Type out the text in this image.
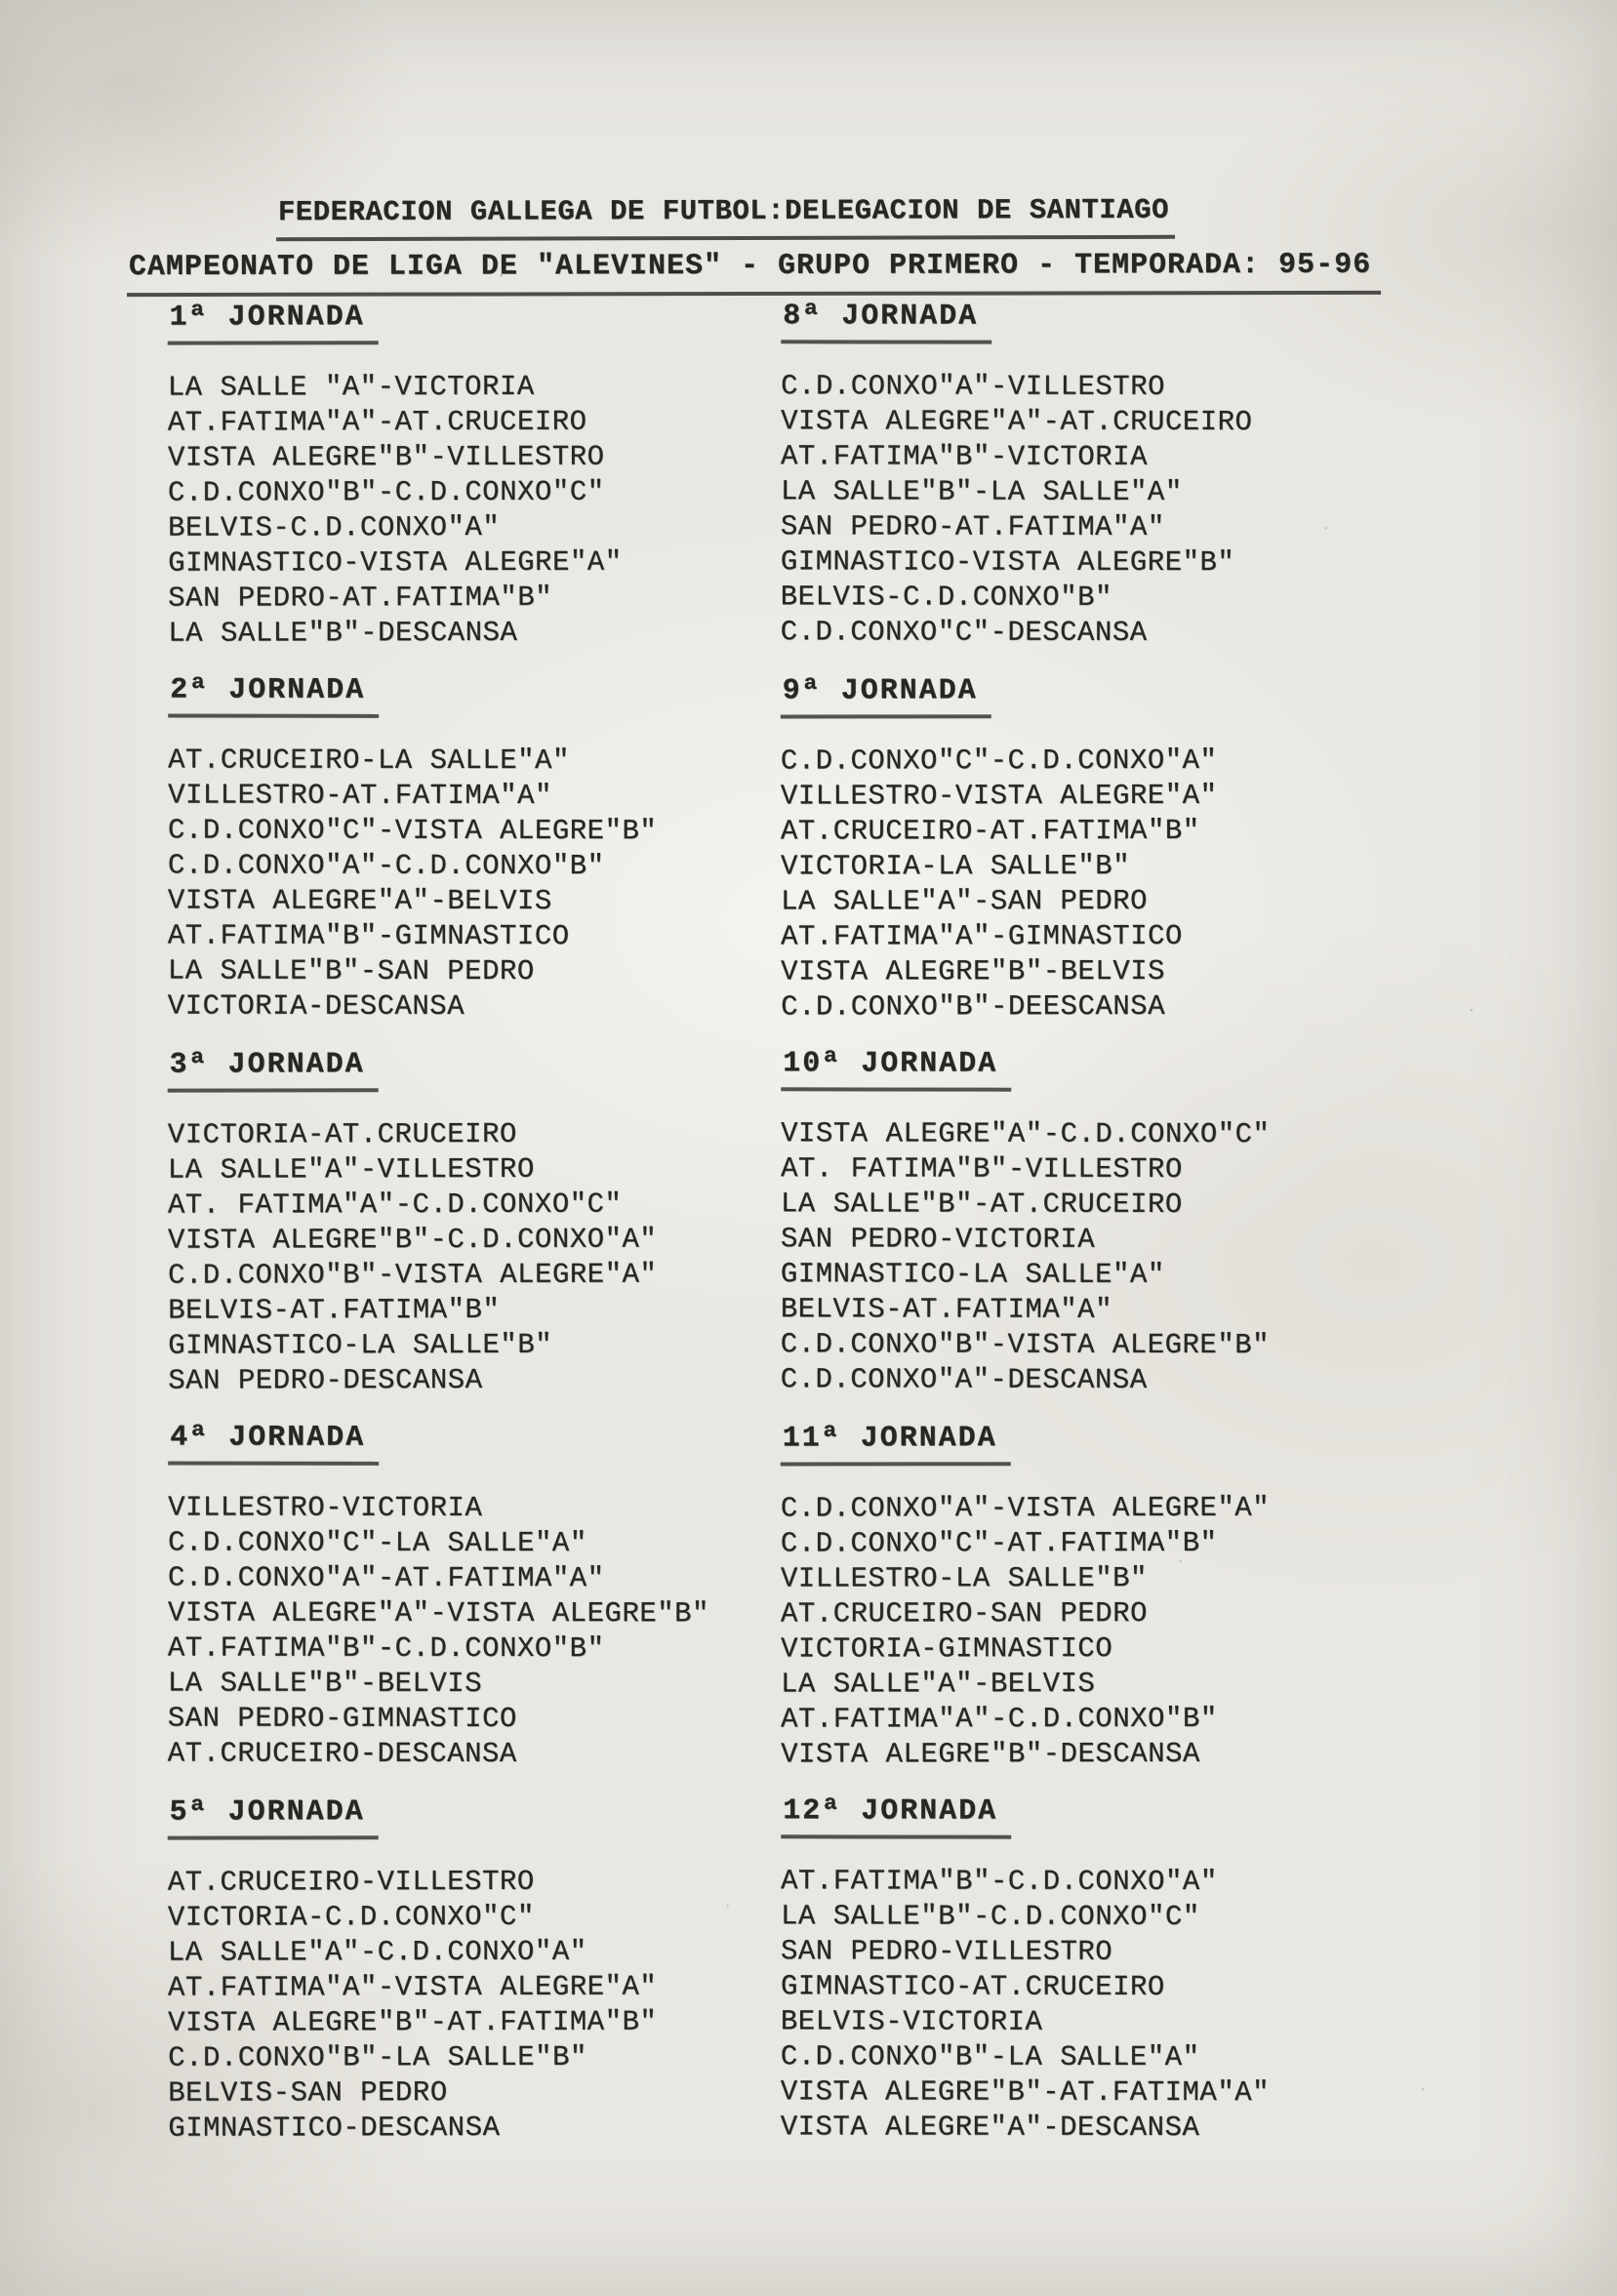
FEDERACION GALLEGA DE FUTBOL:DELEGACION DE SANTIAGO
CAMPEONATO DE LIGA DE "ALEVINES" - GRUPO PRIMERO - TEMPORADA: 95-96
1ª JORNADA
LA SALLE "A"-VICTORIA
AT.FATIMA"A"-AT.CRUCEIRO
VISTA ALEGRE"B"-VILLESTRO
C.D.CONXO"B"-C.D.CONXO"C"
BELVIS-C.D.CONXO"A"
GIMNASTICO-VISTA ALEGRE"A"
SAN PEDRO-AT.FATIMA"B"
LA SALLE"B"-DESCANSA
2ª JORNADA
AT.CRUCEIRO-LA SALLE"A"
VILLESTRO-AT.FATIMA"A"
C.D.CONXO"C"-VISTA ALEGRE"B"
C.D.CONXO"A"-C.D.CONXO"B"
VISTA ALEGRE"A"-BELVIS
AT.FATIMA"B"-GIMNASTICO
LA SALLE"B"-SAN PEDRO
VICTORIA-DESCANSA
3ª JORNADA
VICTORIA-AT.CRUCEIRO
LA SALLE"A"-VILLESTRO
AT. FATIMA"A"-C.D.CONXO"C"
VISTA ALEGRE"B"-C.D.CONXO"A"
C.D.CONXO"B"-VISTA ALEGRE"A"
BELVIS-AT.FATIMA"B"
GIMNASTICO-LA SALLE"B"
SAN PEDRO-DESCANSA
4ª JORNADA
VILLESTRO-VICTORIA
C.D.CONXO"C"-LA SALLE"A"
C.D.CONXO"A"-AT.FATIMA"A"
VISTA ALEGRE"A"-VISTA ALEGRE"B"
AT.FATIMA"B"-C.D.CONXO"B"
LA SALLE"B"-BELVIS
SAN PEDRO-GIMNASTICO
AT.CRUCEIRO-DESCANSA
5ª JORNADA
AT.CRUCEIRO-VILLESTRO
VICTORIA-C.D.CONXO"C"
LA SALLE"A"-C.D.CONXO"A"
AT.FATIMA"A"-VISTA ALEGRE"A"
VISTA ALEGRE"B"-AT.FATIMA"B"
C.D.CONXO"B"-LA SALLE"B"
BELVIS-SAN PEDRO
GIMNASTICO-DESCANSA
8ª JORNADA
C.D.CONXO"A"-VILLESTRO
VISTA ALEGRE"A"-AT.CRUCEIRO
AT.FATIMA"B"-VICTORIA
LA SALLE"B"-LA SALLE"A"
SAN PEDRO-AT.FATIMA"A"
GIMNASTICO-VISTA ALEGRE"B"
BELVIS-C.D.CONXO"B"
C.D.CONXO"C"-DESCANSA
9ª JORNADA
C.D.CONXO"C"-C.D.CONXO"A"
VILLESTRO-VISTA ALEGRE"A"
AT.CRUCEIRO-AT.FATIMA"B"
VICTORIA-LA SALLE"B"
LA SALLE"A"-SAN PEDRO
AT.FATIMA"A"-GIMNASTICO
VISTA ALEGRE"B"-BELVIS
C.D.CONXO"B"-DEESCANSA
10ª JORNADA
VISTA ALEGRE"A"-C.D.CONXO"C"
AT. FATIMA"B"-VILLESTRO
LA SALLE"B"-AT.CRUCEIRO
SAN PEDRO-VICTORIA
GIMNASTICO-LA SALLE"A"
BELVIS-AT.FATIMA"A"
C.D.CONXO"B"-VISTA ALEGRE"B"
C.D.CONXO"A"-DESCANSA
11ª JORNADA
C.D.CONXO"A"-VISTA ALEGRE"A"
C.D.CONXO"C"-AT.FATIMA"B"
VILLESTRO-LA SALLE"B"
AT.CRUCEIRO-SAN PEDRO
VICTORIA-GIMNASTICO
LA SALLE"A"-BELVIS
AT.FATIMA"A"-C.D.CONXO"B"
VISTA ALEGRE"B"-DESCANSA
12ª JORNADA
AT.FATIMA"B"-C.D.CONXO"A"
LA SALLE"B"-C.D.CONXO"C"
SAN PEDRO-VILLESTRO
GIMNASTICO-AT.CRUCEIRO
BELVIS-VICTORIA
C.D.CONXO"B"-LA SALLE"A"
VISTA ALEGRE"B"-AT.FATIMA"A"
VISTA ALEGRE"A"-DESCANSA
